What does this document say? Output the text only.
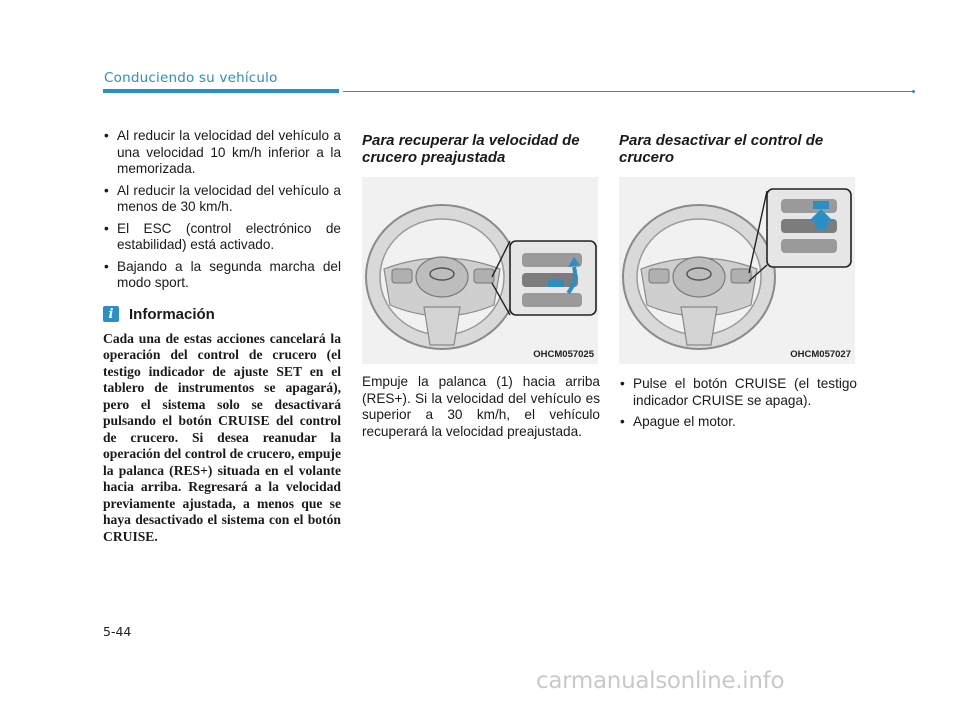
Conduciendo su vehículo
• Al reducir la velocidad del vehículo a una velocidad 10 km/h inferior a la memorizada.
• Al reducir la velocidad del vehículo a menos de 30 km/h.
• El ESC (control electrónico de estabilidad) está activado.
• Bajando a la segunda marcha del modo sport.
i	Información
Cada una de estas acciones cancelará la operación del control de crucero (el testigo indicador de ajuste SET en el tablero de instrumentos se apagará), pero el sistema solo se desactivará pulsando el botón CRUISE del control de crucero. Si desea reanudar la operación del control de crucero, empuje la palanca (RES+) situada en el volante hacia arriba. Regresará a la velocidad previamente ajustada, a menos que se haya desactivado el sistema con el botón CRUISE.
Para recuperar la velocidad de crucero preajustada
OHCM057025
Empuje la palanca (1) hacia arriba (RES+). Si la velocidad del vehículo es superior a 30 km/h, el vehículo recuperará la velocidad preajustada.
Para desactivar el control de crucero
OHCM057027
• Pulse el botón CRUISE (el testigo indicador CRUISE se apaga).
• Apague el motor.
5-44
carmanualsonline.info
